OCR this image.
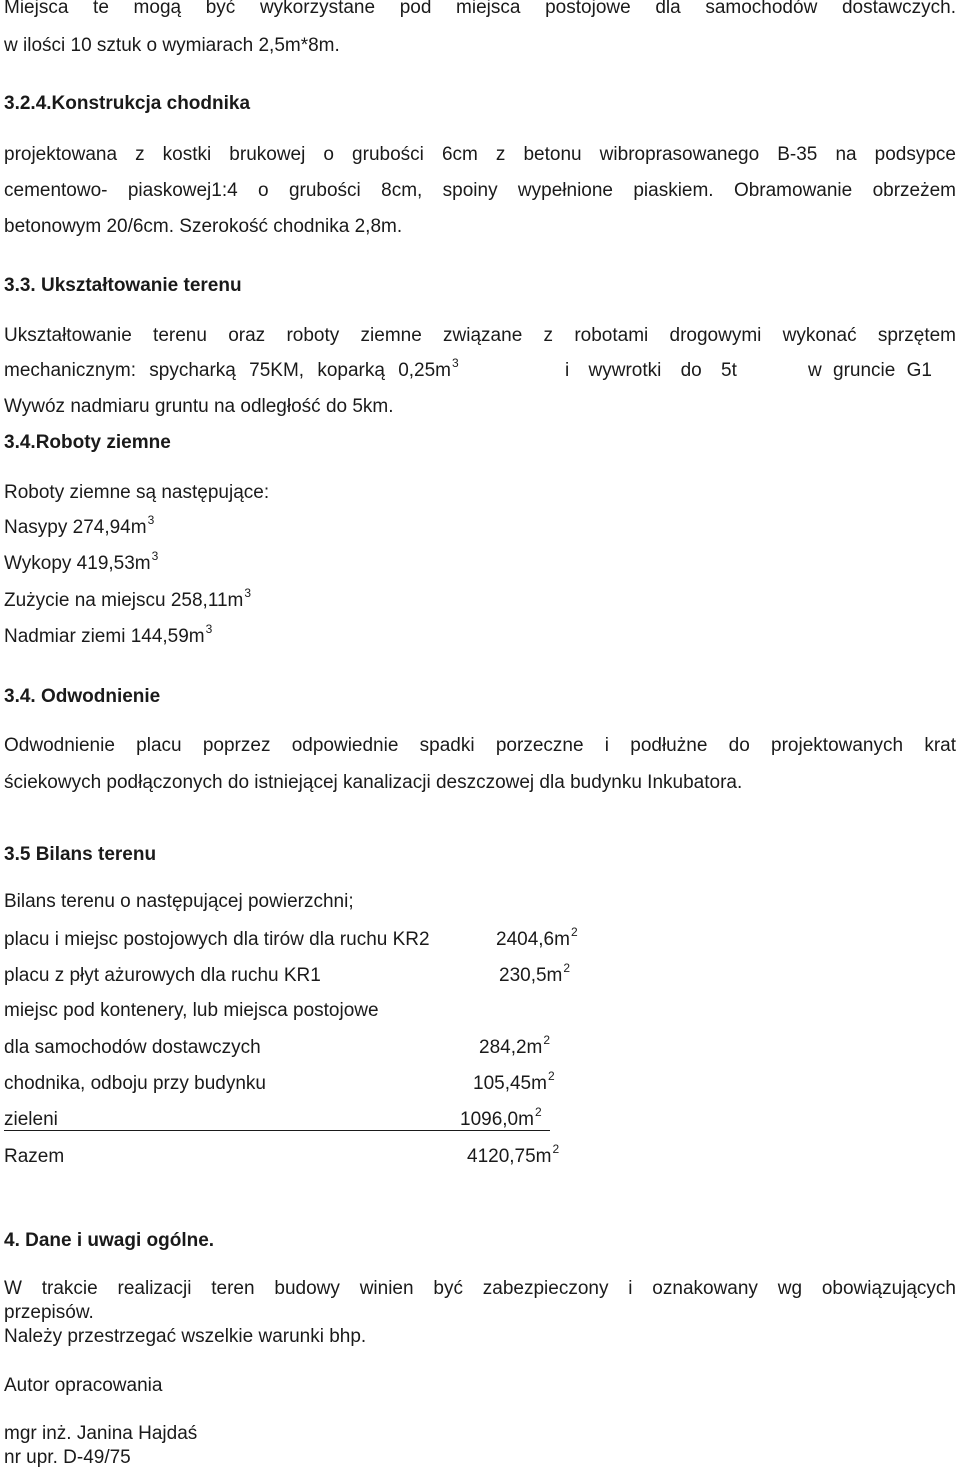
Miejsca te mogą być wykorzystane pod miejsca postojowe dla samochodów dostawczych.
w ilości 10 sztuk o wymiarach 2,5m*8m.
3.2.4.Konstrukcja chodnika
projektowana z kostki brukowej o grubości 6cm z betonu wibroprasowanego B-35 na podsypce
cementowo- piaskowej1:4 o grubości 8cm, spoiny wypełnione piaskiem. Obramowanie obrzeżem
betonowym 20/6cm. Szerokość chodnika 2,8m.
3.3. Ukształtowanie terenu
Ukształtowanie terenu oraz roboty ziemne związane z robotami drogowymi wykonać sprzętem
mechanicznym: spycharką 75KM, koparką $0,25m^3$	i wywrotki do 5t	w gruncie G1
Wywóz nadmiaru gruntu na odległość do 5km.
3.4.Roboty ziemne
Roboty ziemne są następujące:
Nasypy $274,94m^3$
Wykopy $419,53m^3$
Zużycie na miejscu $258,11m^3$
Nadmiar ziemi $144,59m^3$
3.4. Odwodnienie
Odwodnienie placu poprzez odpowiednie spadki porzeczne i podłużne do projektowanych krat
ściekowych podłączonych do istniejącej kanalizacji deszczowej dla budynku Inkubatora.
3.5 Bilans terenu
Bilans terenu o następującej powierzchni;
placu i miejsc postojowych dla tirów dla ruchu KR2	$2404,6m^2$
placu z płyt ażurowych dla ruchu KR1	$230,5m^2$
miejsc pod kontenery, lub miejsca postojowe
dla samochodów dostawczych	$284,2m^2$
chodnika, odboju przy budynku	$105,45m^2$
zieleni	$1096,0m^2$
Razem	$4120,75m^2$
4. Dane i uwagi ogólne.
W trakcie realizacji teren budowy winien być zabezpieczony i oznakowany wg obowiązujących
przepisów.
Należy przestrzegać wszelkie warunki bhp.
Autor opracowania
mgr inż. Janina Hajdaś
nr upr. D-49/75
